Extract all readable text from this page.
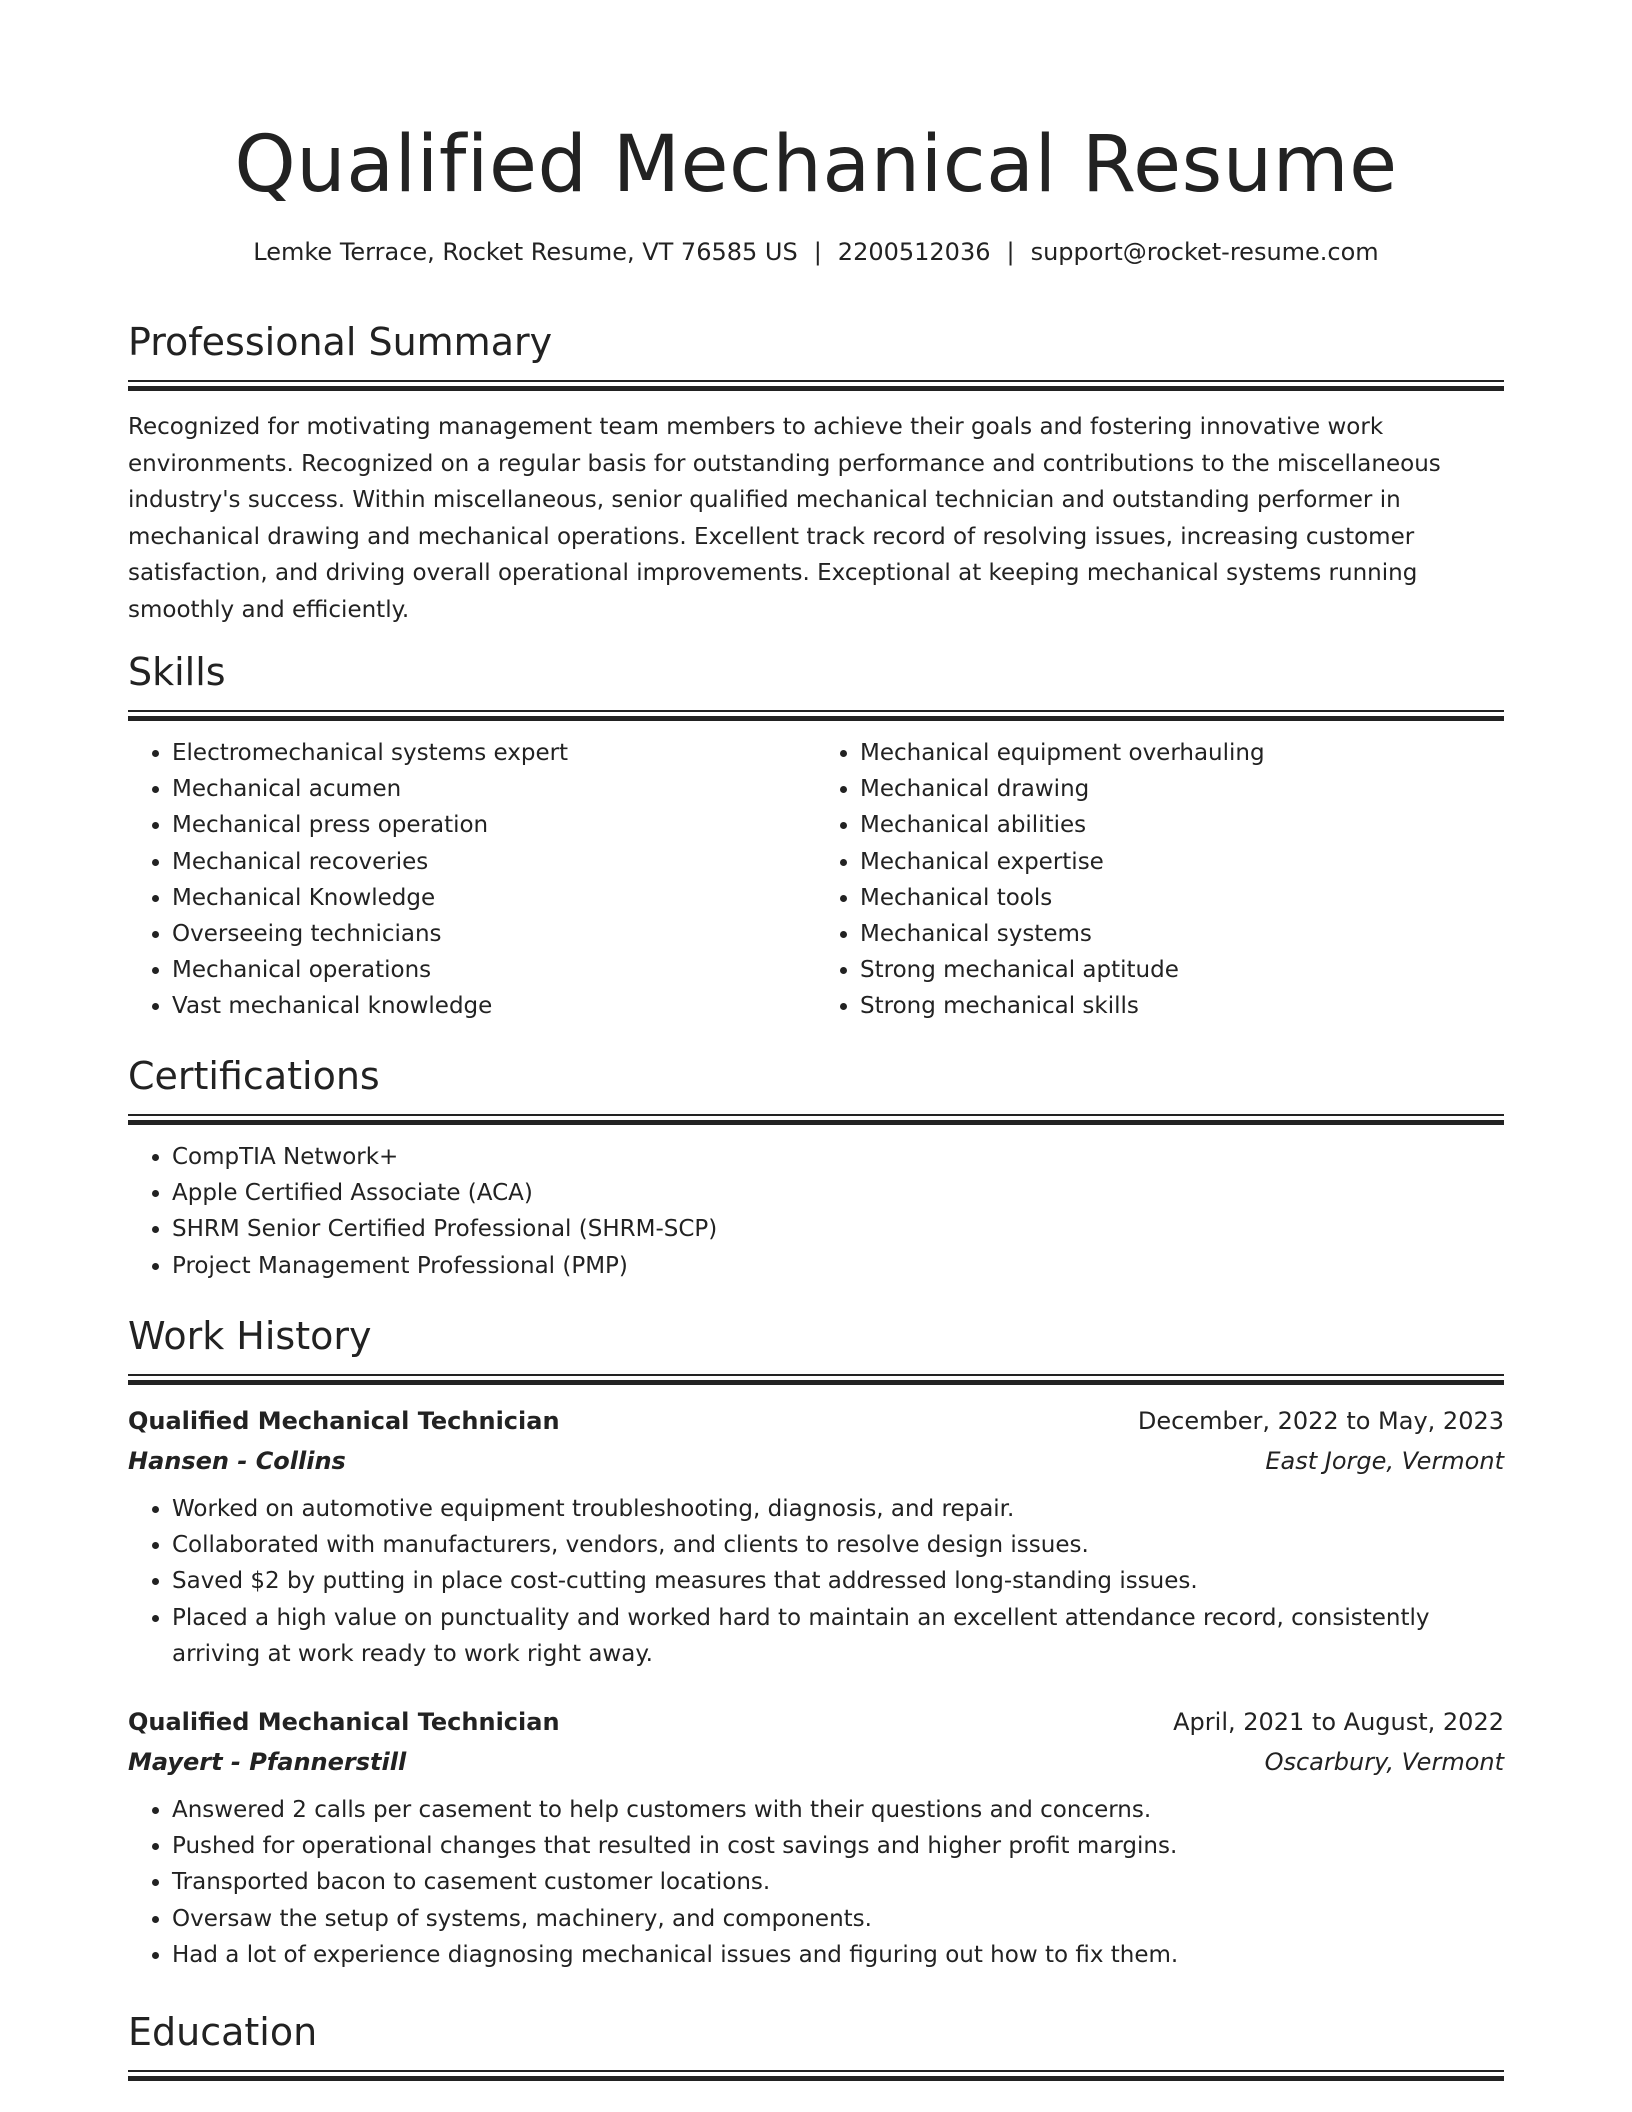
Qualified Mechanical Resume
Lemke Terrace, Rocket Resume, VT 76585 US | 2200512036 | support@rocket-resume.com
Professional Summary

Recognized for motivating management team members to achieve their goals and fostering innovative work environments. Recognized on a regular basis for outstanding performance and contributions to the miscellaneous industry's success. Within miscellaneous, senior qualified mechanical technician and outstanding performer in mechanical drawing and mechanical operations. Excellent track record of resolving issues, increasing customer satisfaction, and driving overall operational improvements. Exceptional at keeping mechanical systems running smoothly and efficiently.

Skills
• Electromechanical systems expert
• Mechanical acumen
• Mechanical press operation
• Mechanical recoveries
• Mechanical Knowledge
• Overseeing technicians
• Mechanical operations
• Vast mechanical knowledge
• Mechanical equipment overhauling
• Mechanical drawing
• Mechanical abilities
• Mechanical expertise
• Mechanical tools
• Mechanical systems
• Strong mechanical aptitude
• Strong mechanical skills
Certifications
• CompTIA Network+
• Apple Certified Associate (ACA)
• SHRM Senior Certified Professional (SHRM-SCP)
• Project Management Professional (PMP)
Work History
Qualified Mechanical Technician	December, 2022 to May, 2023
Hansen - Collins	East Jorge, Vermont
• Worked on automotive equipment troubleshooting, diagnosis, and repair.
• Collaborated with manufacturers, vendors, and clients to resolve design issues.
• Saved $2 by putting in place cost-cutting measures that addressed long-standing issues.
• Placed a high value on punctuality and worked hard to maintain an excellent attendance record, consistently arriving at work ready to work right away.
Qualified Mechanical Technician	April, 2021 to August, 2022
Mayert - Pfannerstill	Oscarbury, Vermont
• Answered 2 calls per casement to help customers with their questions and concerns.
• Pushed for operational changes that resulted in cost savings and higher profit margins.
• Transported bacon to casement customer locations.
• Oversaw the setup of systems, machinery, and components.
• Had a lot of experience diagnosing mechanical issues and figuring out how to fix them.
Education
